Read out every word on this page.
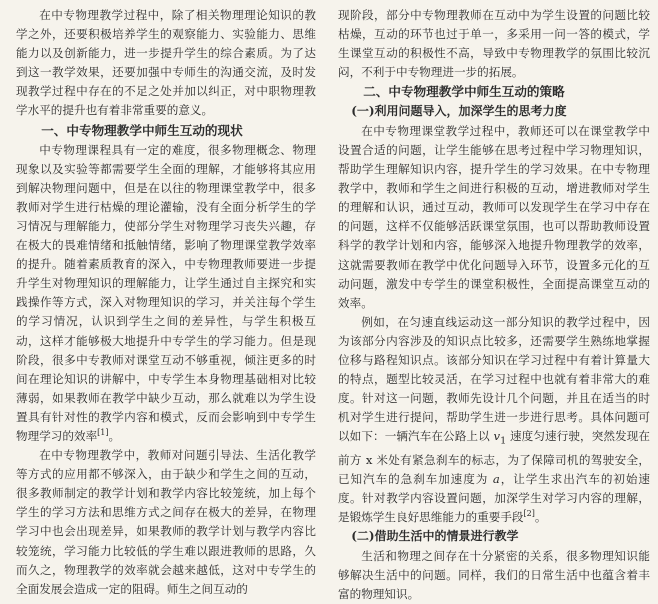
在中专物理教学过程中，除了相关物理理论知识的教学之外，还要积极培养学生的观察能力、实验能力、思维能力以及创新能力，进一步提升学生的综合素质。为了达到这一教学效果，还要加强中专师生的沟通交流，及时发现教学过程中存在的不足之处并加以纠正，对中职物理教学水平的提升也有着非常重要的意义。

一、中专物理教学中师生互动的现状

中专物理课程具有一定的难度，很多物理概念、物理现象以及实验等都需要学生全面的理解，才能够将其应用到解决物理问题中，但是在以往的物理课堂教学中，很多教师对学生进行枯燥的理论灌输，没有全面分析学生的学习情况与理解能力，使部分学生对物理学习丧失兴趣，存在极大的畏难情绪和抵触情绪，影响了物理课堂教学效率的提升。随着素质教育的深入，中专物理教师要进一步提升学生对物理知识的理解能力，让学生通过自主探究和实践操作等方式，深入对物理知识的学习，并关注每个学生的学习情况，认识到学生之间的差异性，与学生积极互动，这样才能够极大地提升中专学生的学习能力。但是现阶段，很多中专教师对课堂互动不够重视，倾注更多的时间在理论知识的讲解中，中专学生本身物理基础相对比较薄弱，如果教师在教学中缺少互动，那么就难以为学生设置具有针对性的教学内容和模式，反而会影响到中专学生物理学习的效率[1]。

在中专物理教学中，教师对问题引导法、生活化教学等方式的应用都不够深入，由于缺少和学生之间的互动，很多教师制定的教学计划和教学内容比较笼统，加上每个学生的学习方法和思维方式之间存在极大的差异，在物理学习中也会出现差异，如果教师的教学计划与教学内容比较笼统，学习能力比较低的学生难以跟进教师的思路，久而久之，物理教学的效率就会越来越低，这对中专学生的全面发展会造成一定的阻碍。师生之间互动的

现阶段，部分中专物理教师在互动中为学生设置的问题比较枯燥，互动的环节也过于单一，多采用一问一答的模式，学生课堂互动的积极性不高，导致中专物理教学的氛围比较沉闷，不利于中专物理进一步的拓展。

二、中专物理教学中师生互动的策略
(一)利用问题导入，加深学生的思考力度

在中专物理课堂教学过程中，教师还可以在课堂教学中设置合适的问题，让学生能够在思考过程中学习物理知识，帮助学生理解知识内容，提升学生的学习效果。在中专物理教学中，教师和学生之间进行积极的互动，增进教师对学生的理解和认识，通过互动，教师可以发现学生在学习中存在的问题，这样不仅能够活跃课堂氛围，也可以帮助教师设置科学的教学计划和内容，能够深入地提升物理教学的效率，这就需要教师在教学中优化问题导入环节，设置多元化的互动问题，激发中专学生的课堂积极性，全面提高课堂互动的效率。

例如，在匀速直线运动这一部分知识的教学过程中，因为该部分内容涉及的知识点比较多，还需要学生熟练地掌握位移与路程知识点。该部分知识在学习过程中有着计算量大的特点，题型比较灵活，在学习过程中也就有着非常大的难度。针对这一问题，教师先设计几个问题，并且在适当的时机对学生进行提问，帮助学生进一步进行思考。具体问题可以如下：一辆汽车在公路上以 $v_1$ 速度匀速行驶，突然发现在前方 x 米处有紧急刹车的标志，为了保障司机的驾驶安全，已知汽车的急刹车加速度为 a，让学生求出汽车的初始速度。针对教学内容设置问题，加深学生对学习内容的理解，是锻炼学生良好思维能力的重要手段[2]。

(二)借助生活中的情景进行教学

生活和物理之间存在十分紧密的关系，很多物理知识能够解决生活中的问题。同样，我们的日常生活中也蕴含着丰富的物理知识。
